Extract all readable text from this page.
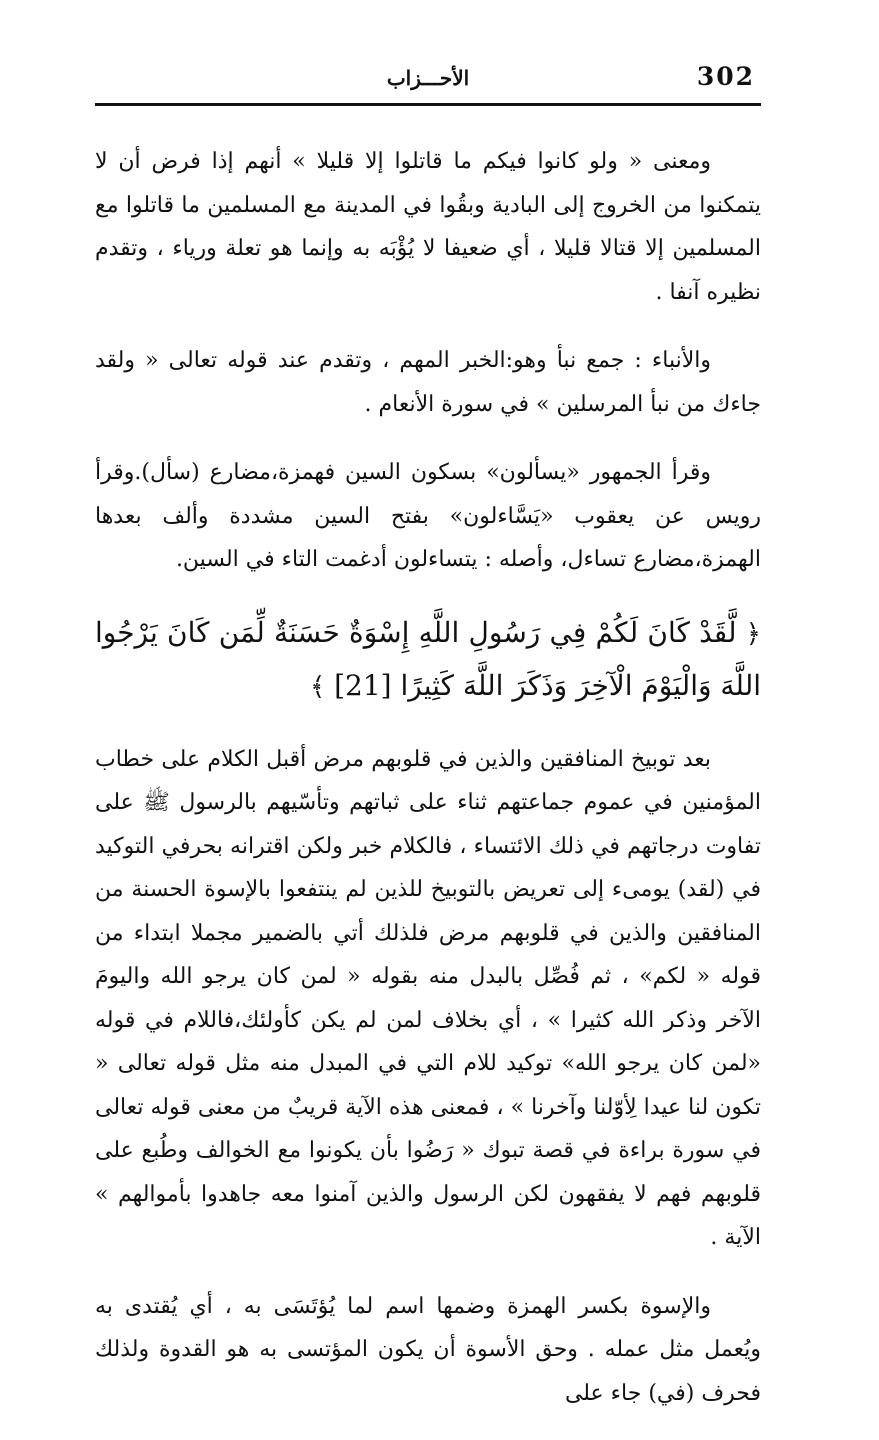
302
الأحـــزاب

ومعنى « ولو كانوا فيكم ما قاتلوا إلا قليلا » أنهم إذا فرض أن لا يتمكنوا من الخروج إلى البادية وبقُوا في المدينة مع المسلمين ما قاتلوا مع المسلمين إلا قتالا قليلا ، أي ضعيفا لا يُؤْبَه به وإنما هو تعلة ورياء ، وتقدم نظيره آنفا .

والأنباء : جمع نبأ وهو:الخبر المهم ، وتقدم عند قوله تعالى « ولقد جاءك من نبأ المرسلين » في سورة الأنعام .

وقرأ الجمهور «يسألون» بسكون السين فهمزة،مضارع (سأل).وقرأ رويس عن يعقوب «يَسَّاءلون» بفتح السين مشددة وألف بعدها الهمزة،مضارع تساءل، وأصله : يتساءلون أدغمت التاء في السين.

﴿ لَّقَدْ كَانَ لَكُمْ فِي رَسُولِ اللَّهِ إِسْوَةٌ حَسَنَةٌ لِّمَن كَانَ يَرْجُوا اللَّهَ وَالْيَوْمَ الْآخِرَ وَذَكَرَ اللَّهَ كَثِيرًا [21] ﴾

بعد توبيخ المنافقين والذين في قلوبهم مرض أقبل الكلام على خطاب المؤمنين في عموم جماعتهم ثناء على ثباتهم وتأسّيهم بالرسول ﷺ على تفاوت درجاتهم في ذلك الائتساء ، فالكلام خبر ولكن اقترانه بحرفي التوكيد في (لقد) يومىء إلى تعريض بالتوبيخ للذين لم ينتفعوا بالإسوة الحسنة من المنافقين والذين في قلوبهم مرض فلذلك أتي بالضمير مجملا ابتداء من قوله « لكم» ، ثم فُصِّل بالبدل منه بقوله « لمن كان يرجو الله واليومَ الآخر وذكر الله كثيرا » ، أي بخلاف لمن لم يكن كأولئك،فاللام في قوله «لمن كان يرجو الله» توكيد للام التي في المبدل منه مثل قوله تعالى « تكون لنا عيدا لِأوّلنا وآخرنا » ، فمعنى هذه الآية قريبٌ من معنى قوله تعالى في سورة براءة في قصة تبوك « رَضُوا بأن يكونوا مع الخوالف وطُبع على قلوبهم فهم لا يفقهون لكن الرسول والذين آمنوا معه جاهدوا بأموالهم » الآية .

والإسوة بكسر الهمزة وضمها اسم لما يُؤتَسَى به ، أي يُقتدى به ويُعمل مثل عمله . وحق الأسوة أن يكون المؤتسى به هو القدوة ولذلك فحرف (في) جاء على
